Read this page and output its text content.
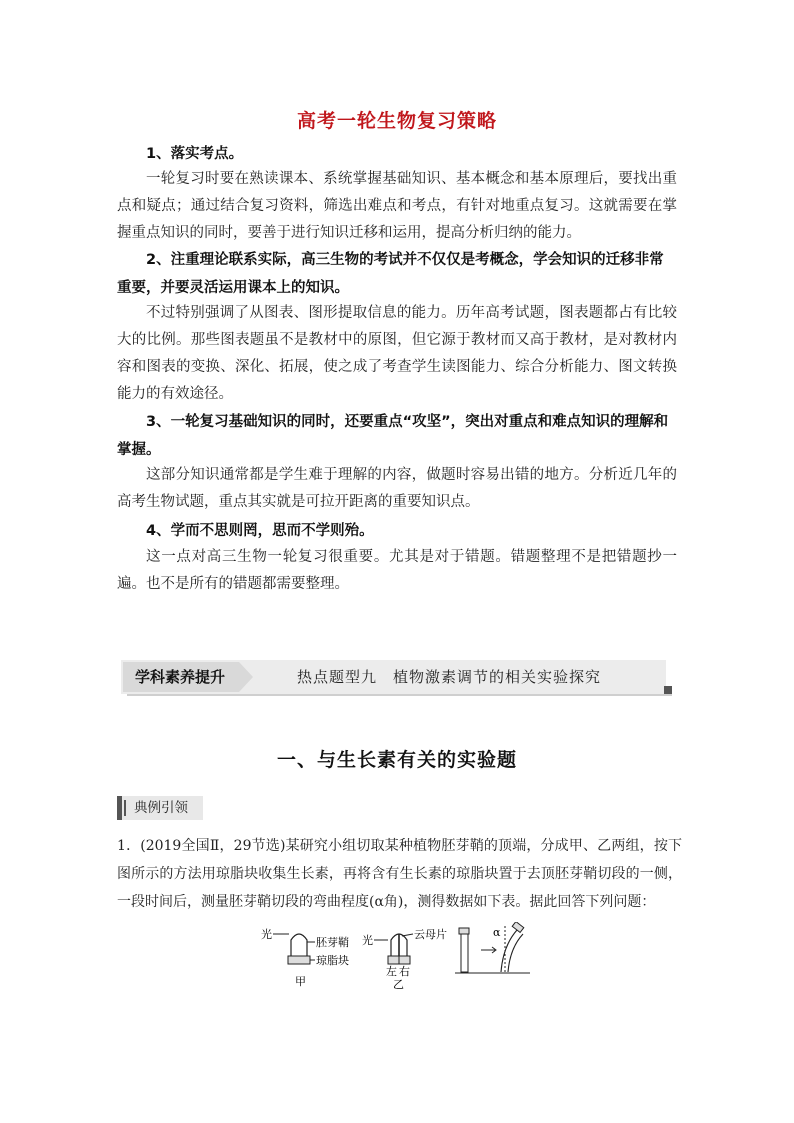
高考一轮生物复习策略

1、落实考点。

一轮复习时要在熟读课本、系统掌握基础知识、基本概念和基本原理后，要找出重点和疑点；通过结合复习资料，筛选出难点和考点，有针对地重点复习。这就需要在掌握重点知识的同时，要善于进行知识迁移和运用，提高分析归纳的能力。

2、注重理论联系实际，高三生物的考试并不仅仅是考概念，学会知识的迁移非常重要，并要灵活运用课本上的知识。

不过特别强调了从图表、图形提取信息的能力。历年高考试题，图表题都占有比较大的比例。那些图表题虽不是教材中的原图，但它源于教材而又高于教材，是对教材内容和图表的变换、深化、拓展，使之成了考查学生读图能力、综合分析能力、图文转换能力的有效途径。

3、一轮复习基础知识的同时，还要重点“攻坚”，突出对重点和难点知识的理解和掌握。

这部分知识通常都是学生难于理解的内容，做题时容易出错的地方。分析近几年的高考生物试题，重点其实就是可拉开距离的重要知识点。

4、学而不思则罔，思而不学则殆。

这一点对高三生物一轮复习很重要。尤其是对于错题。错题整理不是把错题抄一遍。也不是所有的错题都需要整理。

学科素养提升	热点题型九　植物激素调节的相关实验探究
一、与生长素有关的实验题
典例引领

1．(2019全国Ⅱ，29节选)某研究小组切取某种植物胚芽鞘的顶端，分成甲、乙两组，按下图所示的方法用琼脂块收集生长素，再将含有生长素的琼脂块置于去顶胚芽鞘切段的一侧，一段时间后，测量胚芽鞘切段的弯曲程度(α角)，测得数据如下表。据此回答下列问题：

光
胚芽鞘
琼脂块
甲
光	云母片
左 右
乙
α
